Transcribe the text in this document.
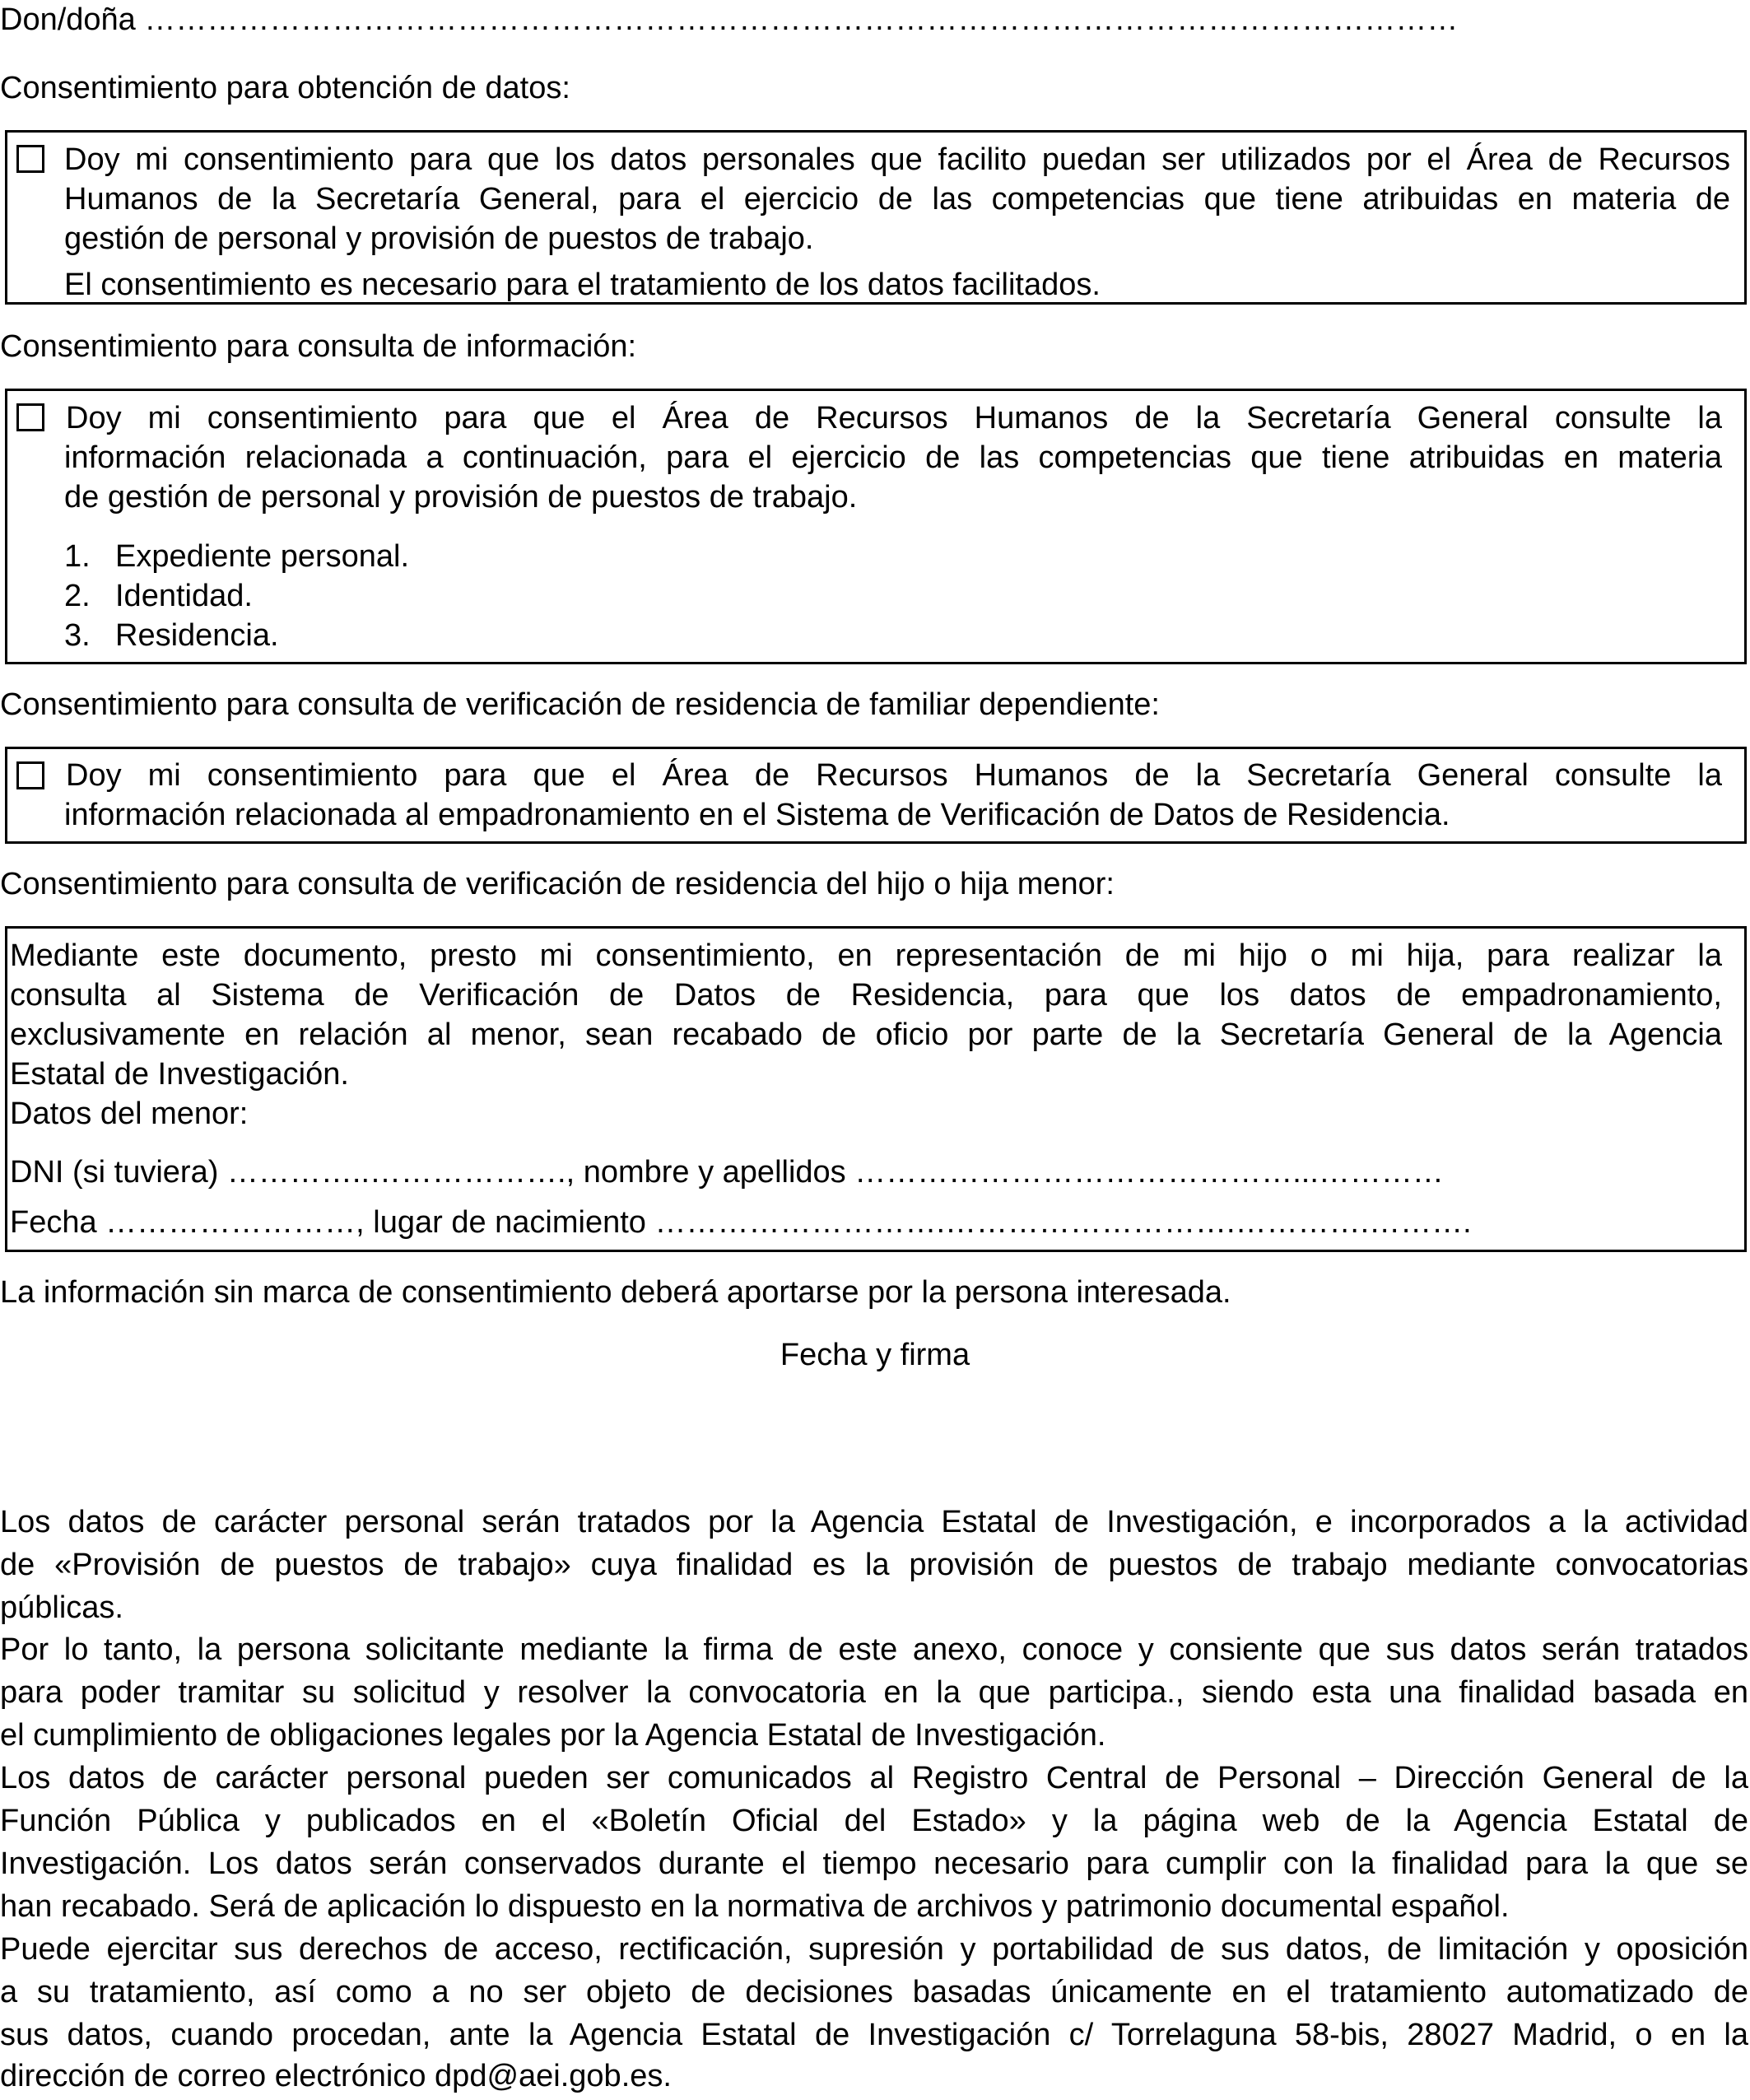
Don/doña ………………………………………………………………………………………………………………
Consentimiento para obtención de datos:
Doy mi consentimiento para que los datos personales que facilito puedan ser utilizados por el Área de Recursos
Humanos de la Secretaría General, para el ejercicio de las competencias que tiene atribuidas en materia de
gestión de personal y provisión de puestos de trabajo.
El consentimiento es necesario para el tratamiento de los datos facilitados.
Consentimiento para consulta de información:
Doy mi consentimiento para que el Área de Recursos Humanos de la Secretaría General consulte la
información relacionada a continuación, para el ejercicio de las competencias que tiene atribuidas en materia
de gestión de personal y provisión de puestos de trabajo.
1. Expediente personal.
2. Identidad.
3. Residencia.
Consentimiento para consulta de verificación de residencia de familiar dependiente:
Doy mi consentimiento para que el Área de Recursos Humanos de la Secretaría General consulte la
información relacionada al empadronamiento en el Sistema de Verificación de Datos de Residencia.
Consentimiento para consulta de verificación de residencia del hijo o hija menor:
Mediante este documento, presto mi consentimiento, en representación de mi hijo o mi hija, para realizar la
consulta al Sistema de Verificación de Datos de Residencia, para que los datos de empadronamiento,
exclusivamente en relación al menor, sean recabado de oficio por parte de la Secretaría General de la Agencia
Estatal de Investigación.
Datos del menor:
DNI (si tuviera) …………..………………., nombre y apellidos ……………………………………...…………
Fecha ……………………, lugar de nacimiento ……………………….……………………….………….……….
La información sin marca de consentimiento deberá aportarse por la persona interesada.
Fecha y firma
Los datos de carácter personal serán tratados por la Agencia Estatal de Investigación, e incorporados a la actividad
de «Provisión de puestos de trabajo» cuya finalidad es la provisión de puestos de trabajo mediante convocatorias
públicas.
Por lo tanto, la persona solicitante mediante la firma de este anexo, conoce y consiente que sus datos serán tratados
para poder tramitar su solicitud y resolver la convocatoria en la que participa., siendo esta una finalidad basada en
el cumplimiento de obligaciones legales por la Agencia Estatal de Investigación.
Los datos de carácter personal pueden ser comunicados al Registro Central de Personal – Dirección General de la
Función Pública y publicados en el «Boletín Oficial del Estado» y la página web de la Agencia Estatal de
Investigación. Los datos serán conservados durante el tiempo necesario para cumplir con la finalidad para la que se
han recabado. Será de aplicación lo dispuesto en la normativa de archivos y patrimonio documental español.
Puede ejercitar sus derechos de acceso, rectificación, supresión y portabilidad de sus datos, de limitación y oposición
a su tratamiento, así como a no ser objeto de decisiones basadas únicamente en el tratamiento automatizado de
sus datos, cuando procedan, ante la Agencia Estatal de Investigación c/ Torrelaguna 58-bis, 28027 Madrid, o en la
dirección de correo electrónico dpd@aei.gob.es.
